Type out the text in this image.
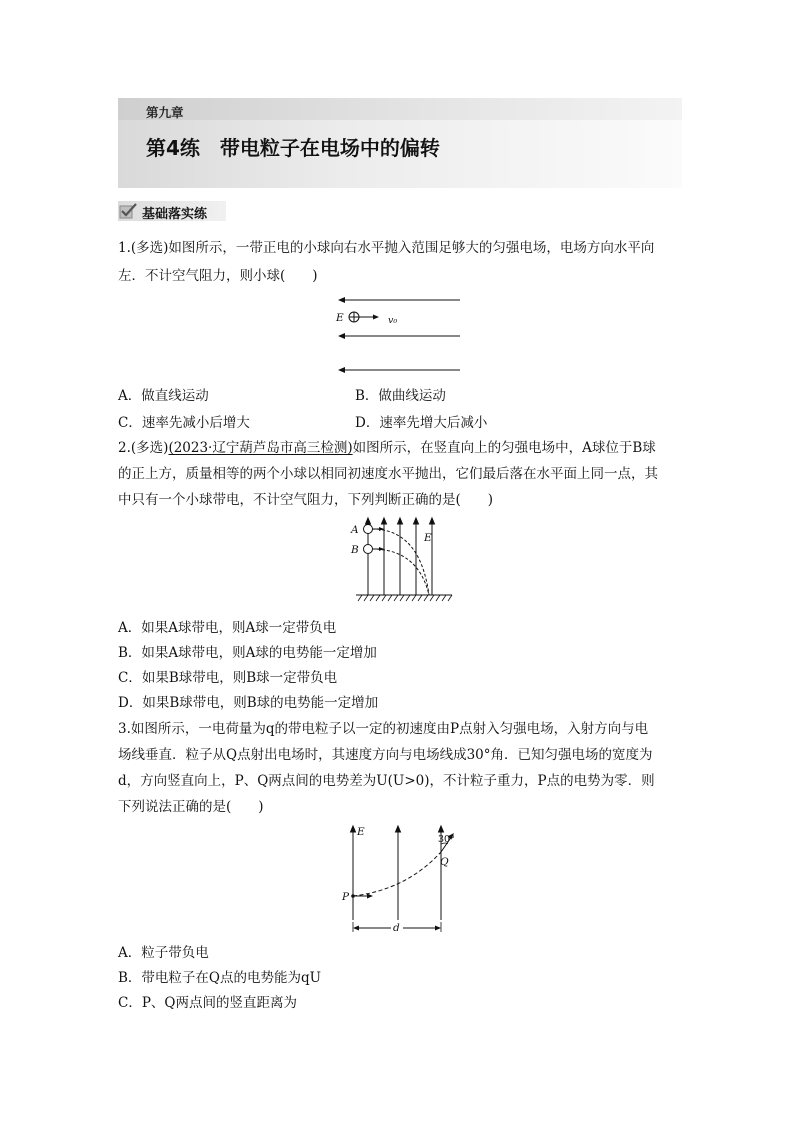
第九章
第4练　带电粒子在电场中的偏转
基础落实练
1.(多选)如图所示，一带正电的小球向右水平抛入范围足够大的匀强电场，电场方向水平向
左．不计空气阻力，则小球(　　)
E	v₀
A．做直线运动	B．做曲线运动
C．速率先减小后增大	D．速率先增大后减小
2.(多选)(2023·辽宁葫芦岛市高三检测)如图所示，在竖直向上的匀强电场中，A球位于B球
的正上方，质量相等的两个小球以相同初速度水平抛出，它们最后落在水平面上同一点，其
中只有一个小球带电，不计空气阻力，下列判断正确的是(　　)
A
B
E
A．如果A球带电，则A球一定带负电
B．如果A球带电，则A球的电势能一定增加
C．如果B球带电，则B球一定带负电
D．如果B球带电，则B球的电势能一定增加
3.如图所示，一电荷量为q的带电粒子以一定的初速度由P点射入匀强电场，入射方向与电
场线垂直．粒子从Q点射出电场时，其速度方向与电场线成30°角．已知匀强电场的宽度为
d，方向竖直向上，P、Q两点间的电势差为U(U>0)，不计粒子重力，P点的电势为零．则
下列说法正确的是(　　)
E
30°
Q
P
d
A．粒子带负电
B．带电粒子在Q点的电势能为qU
C．P、Q两点间的竖直距离为
